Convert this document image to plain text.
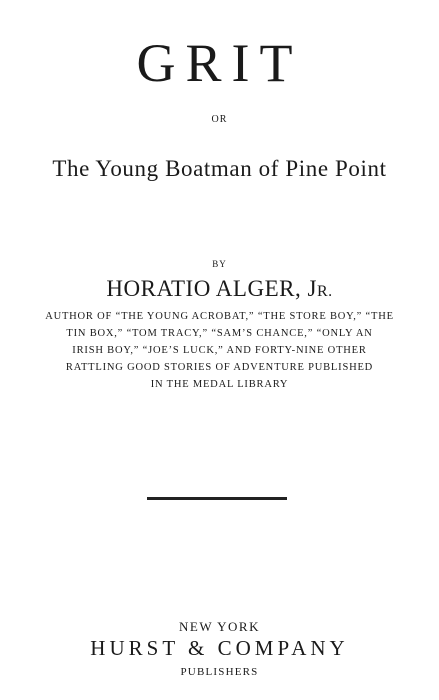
GRIT
OR
The Young Boatman of Pine Point
BY
HORATIO ALGER, JR.
AUTHOR OF “THE YOUNG ACROBAT,” “THE STORE BOY,” “THE
TIN BOX,” “TOM TRACY,” “SAM’S CHANCE,” “ONLY AN
IRISH BOY,” “JOE’S LUCK,” AND FORTY-NINE OTHER
RATTLING GOOD STORIES OF ADVENTURE PUBLISHED
IN THE MEDAL LIBRARY
NEW YORK
HURST & COMPANY
PUBLISHERS
